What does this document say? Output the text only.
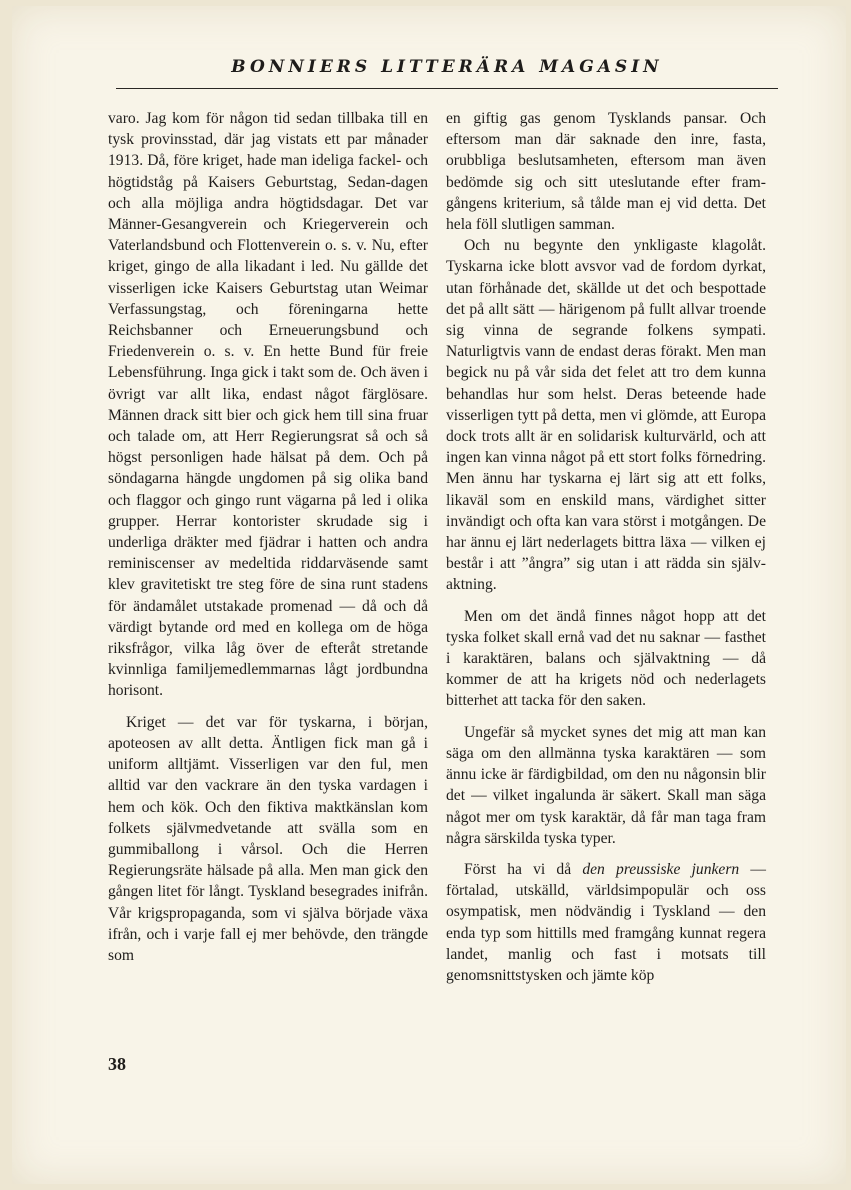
BONNIERS LITTERÄRA MAGASIN

varo. Jag kom för någon tid sedan tillbaka till en tysk provinsstad, där jag vistats ett par månader 1913. Då, före kriget, hade man ideliga fackel- och högtidståg på Kaisers Geburtstag, Sedan-dagen och alla möjliga andra högtidsdagar. Det var Männer-Gesangverein och Kriegerverein och Vaterlandsbund och Flottenverein o. s. v. Nu, efter kriget, gingo de alla likadant i led. Nu gällde det visserligen icke Kaisers Geburtstag utan Weimar Verfassungstag, och föreningarna hette Reichsbanner och Erneuerungsbund och Friedenverein o. s. v. En hette Bund für freie Lebensführung. Inga gick i takt som de. Och även i övrigt var allt lika, endast något färglösare. Männen drack sitt bier och gick hem till sina fruar och talade om, att Herr Regierungsrat så och så högst personligen hade hälsat på dem. Och på söndagarna hängde ungdomen på sig olika band och flaggor och gingo runt vägarna på led i olika grupper. Herrar kontorister skrudade sig i underliga dräkter med fjädrar i hatten och andra reminiscenser av medeltida riddarväsende samt klev gravitetiskt tre steg före de sina runt stadens för ändamålet utstakade promenad — då och då värdigt bytande ord med en kollega om de höga riksfrågor, vilka låg över de efteråt stretande kvinnliga familjemedlemmarnas lågt jordbundna horisont.

Kriget — det var för tyskarna, i början, apoteosen av allt detta. Äntligen fick man gå i uniform alltjämt. Visserligen var den ful, men alltid var den vackrare än den tyska vardagen i hem och kök. Och den fiktiva maktkänslan kom folkets självmedvetande att svälla som en gummiballong i vårsol. Och die Herren Regierungsräte hälsade på alla. Men man gick den gången litet för långt. Tyskland besegrades inifrån. Vår krigspropaganda, som vi själva började växa ifrån, och i varje fall ej mer behövde, den trängde som

en giftig gas genom Tysklands pansar. Och eftersom man där saknade den inre, fasta, orubbliga beslutsamheten, eftersom man även bedömde sig och sitt uteslutande efter framgångens kriterium, så tålde man ej vid detta. Det hela föll slutligen samman.

Och nu begynte den ynkligaste klagolåt. Tyskarna icke blott avsvor vad de fordom dyrkat, utan förhånade det, skällde ut det och bespottade det på allt sätt — härigenom på fullt allvar troende sig vinna de segrande folkens sympati. Naturligtvis vann de endast deras förakt. Men man begick nu på vår sida det felet att tro dem kunna behandlas hur som helst. Deras beteende hade visserligen tytt på detta, men vi glömde, att Europa dock trots allt är en solidarisk kulturvärld, och att ingen kan vinna något på ett stort folks förnedring. Men ännu har tyskarna ej lärt sig att ett folks, likaväl som en enskild mans, värdighet sitter invändigt och ofta kan vara störst i motgången. De har ännu ej lärt nederlagets bittra läxa — vilken ej består i att ”ångra” sig utan i att rädda sin självaktning.

Men om det ändå finnes något hopp att det tyska folket skall ernå vad det nu saknar — fasthet i karaktären, balans och självaktning — då kommer de att ha krigets nöd och nederlagets bitterhet att tacka för den saken.

Ungefär så mycket synes det mig att man kan säga om den allmänna tyska karaktären — som ännu icke är färdigbildad, om den nu någonsin blir det — vilket ingalunda är säkert. Skall man säga något mer om tysk karaktär, då får man taga fram några särskilda tyska typer.

Först ha vi då den preussiske junkern — förtalad, utskälld, världsimpopulär och oss osympatisk, men nödvändig i Tyskland — den enda typ som hittills med framgång kunnat regera landet, manlig och fast i motsats till genomsnittstysken och jämte köp

38
